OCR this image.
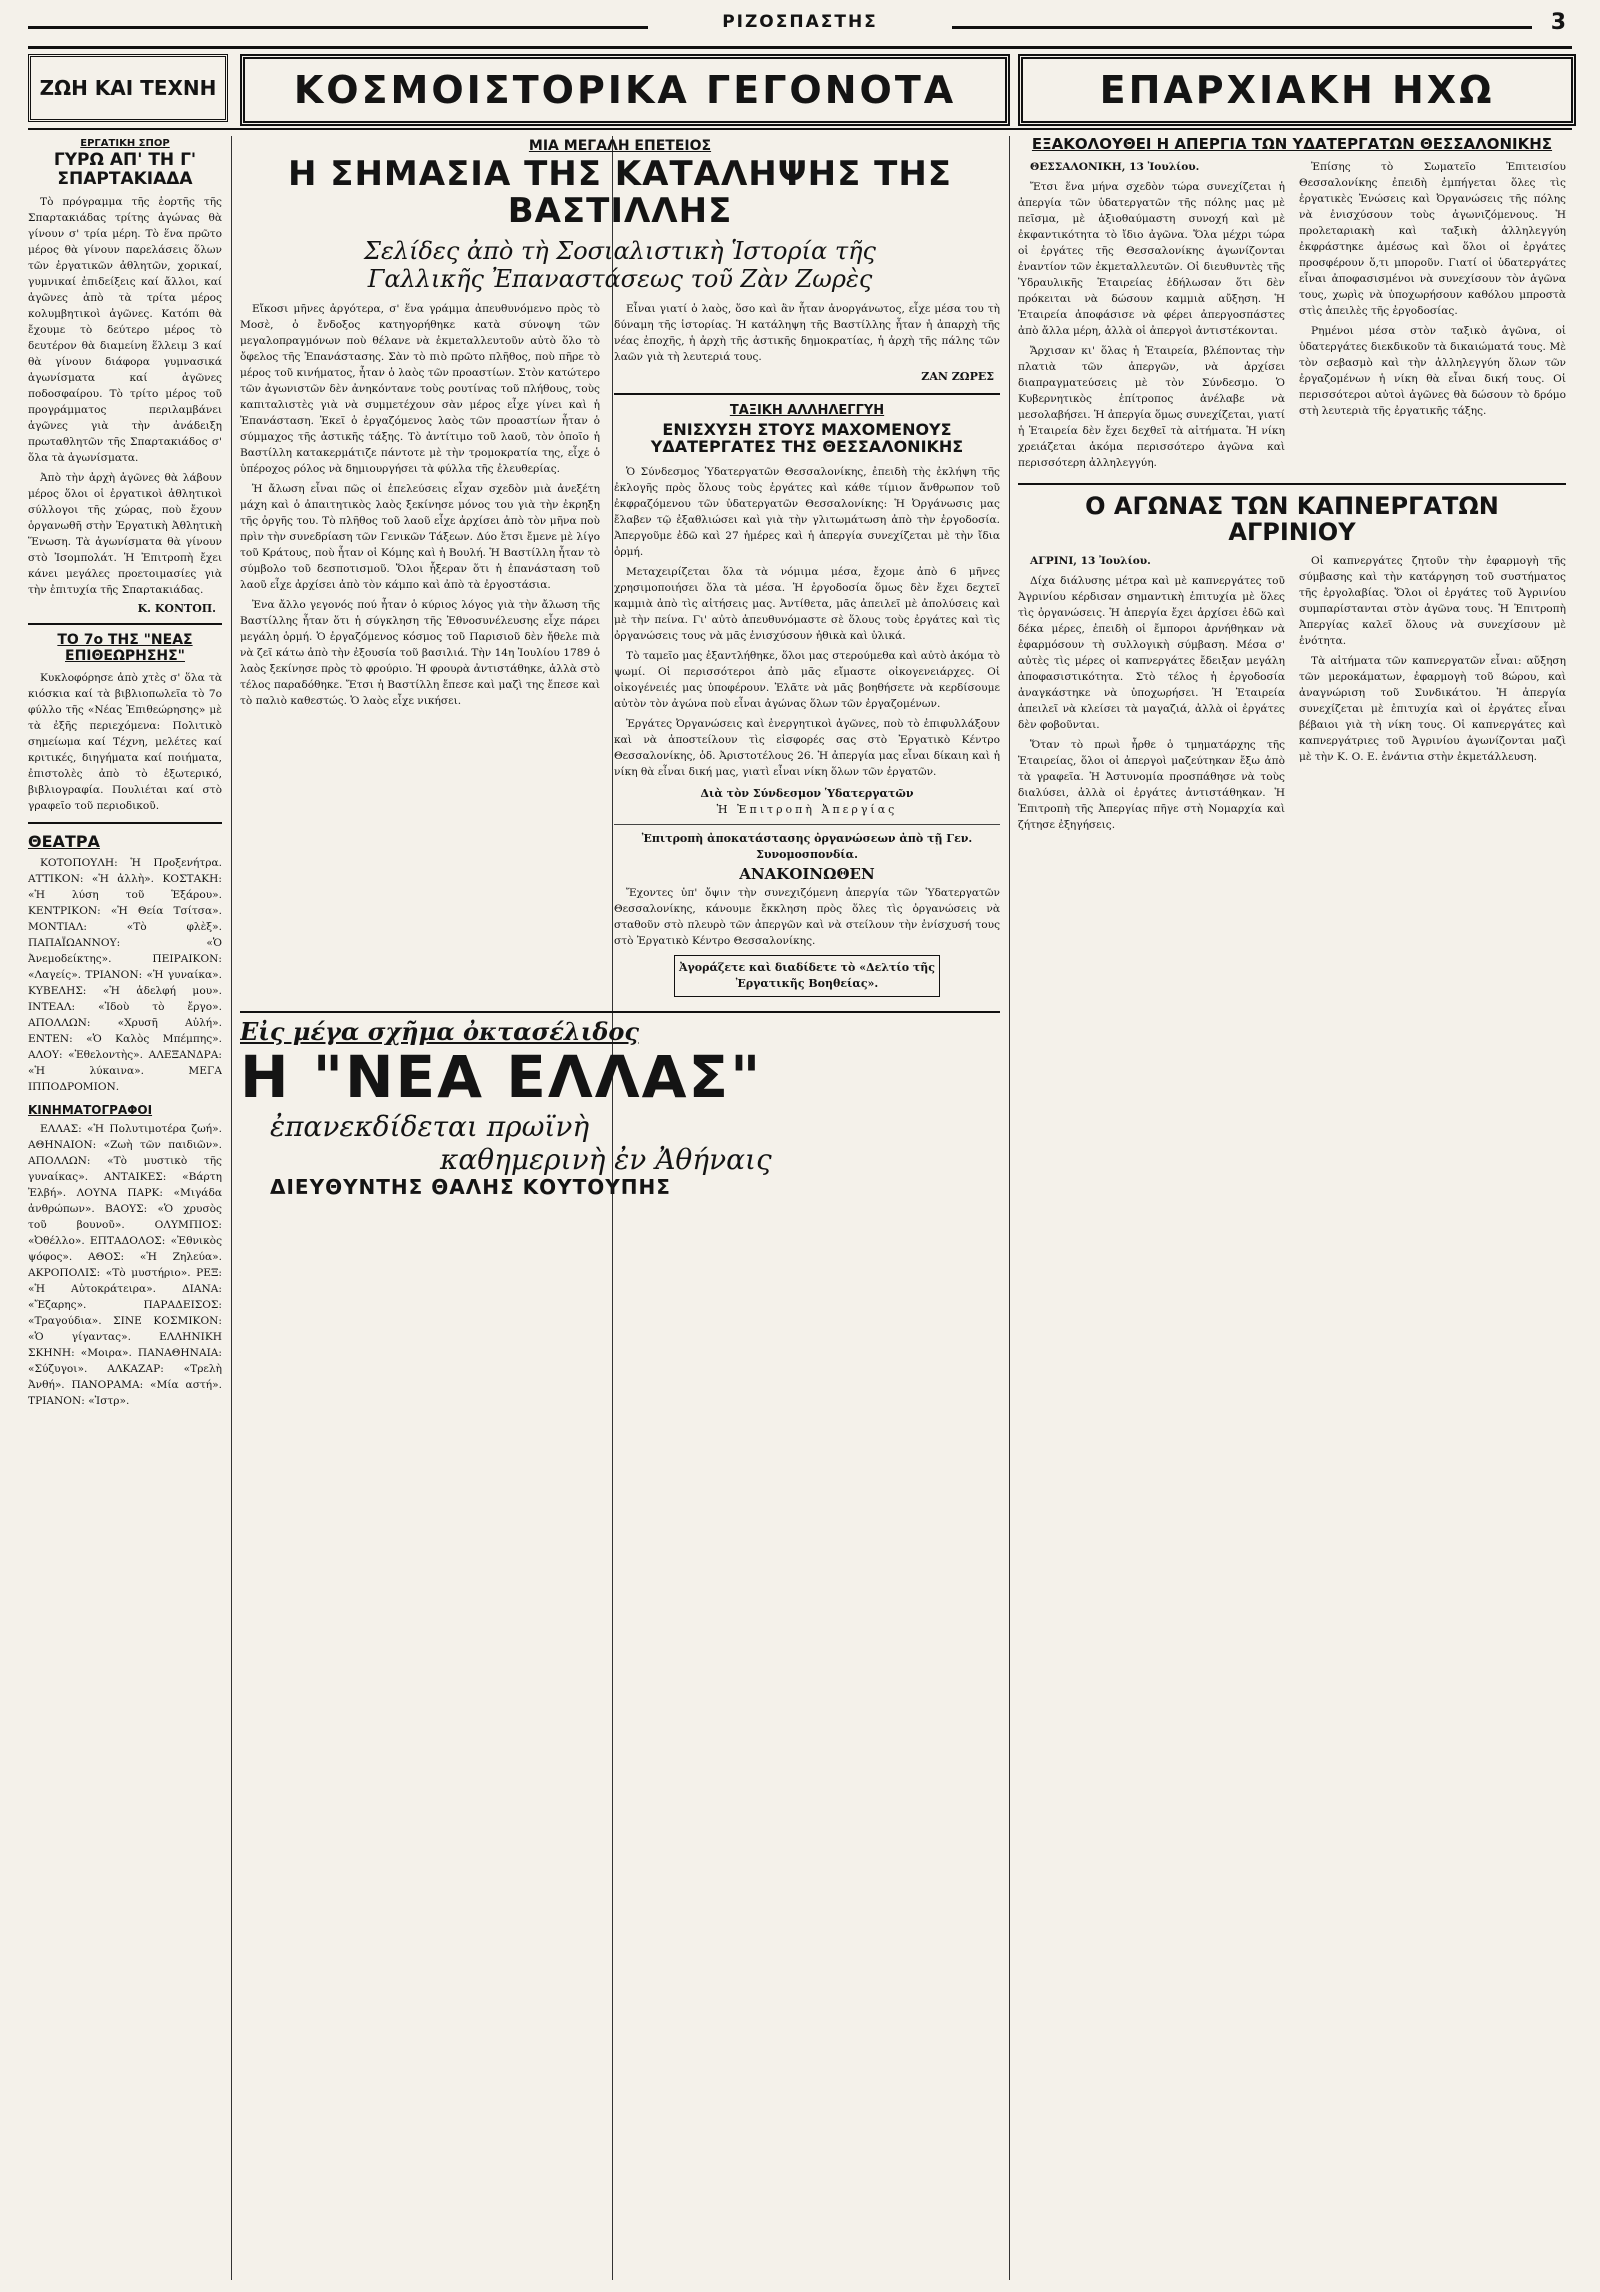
ΡΙΖΟΣΠΑΣΤΗΣ	3
ΖΩΗ ΚΑΙ ΤΕΧΝΗ	ΚΟΣΜΟΙΣΤΟΡΙΚΑ ΓΕΓΟΝΟΤΑ	ΕΠΑΡΧΙΑΚΗ ΗΧΩ
ΕΡΓΑΤΙΚΗ ΣΠΟΡ
ΓΥΡΩ ΑΠ' ΤΗ Γ' ΣΠΑΡΤΑΚΙΑΔΑ

Τὸ πρόγραμμα τῆς ἑορτῆς τῆς Σπαρτακιάδας τρίτης ἀγώνας θὰ γίνουν σ' τρία μέρη. Τὸ ἕνα πρῶτο μέρος θὰ γίνουν παρελάσεις ὅλων τῶν ἐργατικῶν ἀθλητῶν, χορικαί, γυμνικαί ἐπιδείξεις καί ἄλλοι, καί ἀγῶνες ἀπὸ τὰ τρίτα μέρος κολυμβητικοὶ ἀγῶνες. Κατόπι θὰ ἔχουμε τὸ δεύτερο μέρος τὸ δευτέρον θὰ διαμείνη ἕλλειμ 3 καί θὰ γίνουν διάφορα γυμνασικά ἀγωνίσματα καί ἀγῶνες ποδοσφαίρου. Τὸ τρίτο μέρος τοῦ προγράμματος περιλαμβάνει ἀγῶνες γιὰ τὴν ἀνάδειξη πρωταθλητῶν τῆς Σπαρτακιάδος σ' ὅλα τὰ ἀγωνίσματα.

Ἀπὸ τὴν ἀρχὴ ἀγῶνες θὰ λάβουν μέρος ὅλοι οἱ ἐργατικοὶ ἀθλητικοὶ σύλλογοι τῆς χώρας, ποὺ ἔχουν ὁργανωθῆ στὴν Ἐργατικὴ Ἀθλητικὴ Ἕνωση. Τὰ ἀγωνίσματα θὰ γίνουν στὸ Ἰσομπολάτ. Ἡ Ἐπιτροπὴ ἔχει κάνει μεγάλες προετοιμασίες γιὰ τὴν ἐπιτυχία τῆς Σπαρτακιάδας.

Κ. ΚΟΝΤΟΠ.
ΤΟ 7ο ΤΗΣ "ΝΕΑΣ ΕΠΙΘΕΩΡΗΣΗΣ"

Κυκλοφόρησε ἀπὸ χτὲς σ' ὅλα τὰ κιόσκια καί τὰ βιβλιοπωλεῖα τὸ 7ο φύλλο τῆς «Νέας Ἐπιθεώρησης» μὲ τὰ ἐξῆς περιεχόμενα: Πολιτικὸ σημείωμα καί Τέχνη, μελέτες καί κριτικές, διηγήματα καί ποιήματα, ἐπιστολὲς ἀπὸ τὸ ἐξωτερικό, βιβλιογραφία. Πουλιέται καί στὸ γραφεῖο τοῦ περιοδικοῦ.

ΘΕΑΤΡΑ

ΚΟΤΟΠΟΥΛΗ: Ἡ Προξενήτρα. ΑΤΤΙΚΟΝ: «Ἡ ἀλλὴ». ΚΟΣΤΑΚΗ: «Ἡ λύση τοῦ Ἑξάρου». ΚΕΝΤΡΙΚΟΝ: «Ἡ Θεία Τσίτσα». ΜΟΝΤΙΑΛ: «Τὸ φλὲξ». ΠΑΠΑΪΩΑΝΝΟΥ: «Ὁ Ἀνεμοδείκτης». ΠΕΙΡΑΙΚΟΝ: «Λαγείς». ΤΡΙΑΝΟΝ: «Ἡ γυναίκα». ΚΥΒΕΛΗΣ: «Ἡ ἀδελφή μου». ΙΝΤΕΑΛ: «Ἰδοὺ τὸ ἔργο». ΑΠΟΛΛΩΝ: «Χρυσῆ Αὐλή». ΕΝΤΕΝ: «Ὁ Καλὸς Μπέμπης». ΑΛΟΥ: «Ἐθελοντὴς». ΑΛΕΞΑΝΔΡΑ: «Ἡ λύκαινα». ΜΕΓΑ ΙΠΠΟΔΡΟΜΙΟΝ.

ΚΙΝΗΜΑΤΟΓΡΑΦΟΙ

ΕΛΛΑΣ: «Ἡ Πολυτιμοτέρα ζωή». ΑΘΗΝΑΙΟΝ: «Ζωὴ τῶν παιδιῶν». ΑΠΟΛΛΩΝ: «Τὸ μυστικὸ τῆς γυναίκας». ΑΝΤΑΙΚΕΣ: «Βάρτη Ἐλβή». ΛΟΥΝΑ ΠΑΡΚ: «Μιγάδα ἀνθρώπων». ΒΑΟΥΣ: «Ὁ χρυσὸς τοῦ βουνοῦ». ΟΛΥΜΠΙΟΣ: «Ὀθέλλο». ΕΠΤΑΔΟΛΟΣ: «Ἐθνικὸς ψόφος». ΑΘΟΣ: «Ἡ Ζηλεύα». ΑΚΡΟΠΟΛΙΣ: «Τὸ μυστήριο». ΡΕΞ: «Ἡ Αὐτοκράτειρα». ΔΙΑΝΑ: «Ἔζαρης». ΠΑΡΑΔΕΙΣΟΣ: «Τραγούδια». ΣΙΝΕ ΚΟΣΜΙΚΟΝ: «Ὁ γίγαντας». ΕΛΛΗΝΙΚΗ ΣΚΗΝΗ: «Μοιρα». ΠΑΝΑΘΗΝΑΙΑ: «Σύζυγοι». ΑΛΚΑΖΑΡ: «Τρελὴ Ἀνθή». ΠΑΝΟΡΑΜΑ: «Μία αστή». ΤΡΙΑΝΟΝ: «Ἰστρ».

ΜΙΑ ΜΕΓΑΛΗ ΕΠΕΤΕΙΟΣ
Η ΣΗΜΑΣΙΑ ΤΗΣ ΚΑΤΑΛΗΨΗΣ ΤΗΣ ΒΑΣΤΙΛΛΗΣ
Σελίδες ἀπὸ τὴ Σοσιαλιστικὴ Ἱστορία τῆς
Γαλλικῆς Ἐπαναστάσεως τοῦ Ζὰν Ζωρὲς

Εἴκοσι μῆνες ἀργότερα, σ' ἕνα γράμμα ἀπευθυνόμενο πρὸς τὸ Μοσὲ, ὁ ἔνδοξος κατηγορήθηκε κατὰ σύνοψη τῶν μεγαλοπραγμόνων ποὺ θέλανε νὰ ἐκμεταλλευτοῦν αὐτὸ ὅλο τὸ ὄφελος τῆς Ἐπανάστασης. Σὰν τὸ πιὸ πρῶτο πλῆθος, ποὺ πῆρε τὸ μέρος τοῦ κινήματος, ἦταν ὁ λαὸς τῶν προαστίων. Στὸν κατώτερο τῶν ἀγωνιστῶν δὲν ἀνηκόντανε τοὺς ρουτίνας τοῦ πλήθους, τοὺς καπιταλιστὲς γιὰ νὰ συμμετέχουν σὰν μέρος εἶχε γίνει καὶ ἡ Ἐπανάσταση. Ἐκεῖ ὁ ἐργαζόμενος λαὸς τῶν προαστίων ἦταν ὁ σύμμαχος τῆς ἀστικῆς τάξης. Τὸ ἀντίτιμο τοῦ λαοῦ, τὸν ὁποῖο ἡ Βαστίλλη κατακερμάτιζε πάντοτε μὲ τὴν τρομοκρατία της, εἶχε ὁ ὑπέροχος ρόλος νὰ δημιουργήσει τὰ φύλλα τῆς ἐλευθερίας.

Ἡ ἄλωση εἶναι πῶς οἱ ἐπελεύσεις εἶχαν σχεδὸν μιὰ ἀνεξέτη μάχη καὶ ὁ ἀπαιτητικὸς λαὸς ξεκίνησε μόνος του γιὰ τὴν ἐκρηξη τῆς ὀργῆς του. Τὸ πλῆθος τοῦ λαοῦ εἶχε ἀρχίσει ἀπὸ τὸν μῆνα ποὺ πρὶν τὴν συνεδρίαση τῶν Γενικῶν Τάξεων. Δύο ἔτσι ἔμενε μὲ λίγο τοῦ Κράτους, ποὺ ἦταν οἱ Κόμης καὶ ἡ Βουλή. Ἡ Βαστίλλη ἦταν τὸ σύμβολο τοῦ δεσποτισμοῦ. Ὅλοι ἦξεραν ὅτι ἡ ἐπανάσταση τοῦ λαοῦ εἶχε ἀρχίσει ἀπὸ τὸν κάμπο καὶ ἀπὸ τὰ ἐργοστάσια.

Ἐνα ἄλλο γεγονός πού ἦταν ὁ κύριος λόγος γιὰ τὴν ἄλωση τῆς Βαστίλλης ἦταν ὅτι ἡ σύγκληση τῆς Ἐθνοσυνέλευσης εἶχε πάρει μεγάλη ὁρμή. Ὁ ἐργαζόμενος κόσμος τοῦ Παρισιοῦ δὲν ἤθελε πιὰ νὰ ζεῖ κάτω ἀπὸ τὴν ἐξουσία τοῦ βασιλιά. Τὴν 14η Ἰουλίου 1789 ὁ λαὸς ξεκίνησε πρὸς τὸ φρούριο. Ἡ φρουρὰ ἀντιστάθηκε, ἀλλὰ στὸ τέλος παραδόθηκε. Ἔτσι ἡ Βαστίλλη ἔπεσε καὶ μαζὶ της ἔπεσε καὶ τὸ παλιὸ καθεστώς. Ὁ λαὸς εἶχε νικήσει.

Εἶναι γιατί ὁ λαὸς, ὅσο καὶ ἂν ἦταν ἀνοργάνωτος, εἶχε μέσα του τὴ δύναμη τῆς ἱστορίας. Ἡ κατάληψη τῆς Βαστίλλης ἦταν ἡ ἀπαρχὴ τῆς νέας ἐποχῆς, ἡ ἀρχὴ τῆς ἀστικῆς δημοκρατίας, ἡ ἀρχὴ τῆς πάλης τῶν λαῶν γιὰ τὴ λευτεριά τους.

ΖΑΝ ΖΩΡΕΣ
ΤΑΞΙΚΗ ΑΛΛΗΛΕΓΓΥΗ
ΕΝΙΣΧΥΣΗ ΣΤΟΥΣ ΜΑΧΟΜΕΝΟΥΣ ΥΔΑΤΕΡΓΑΤΕΣ ΤΗΣ ΘΕΣΣΑΛΟΝΙΚΗΣ

Ὁ Σύνδεσμος Ὑδατεργατῶν Θεσσαλονίκης, ἐπειδὴ τὴς ἐκλήψη τῆς ἐκλογῆς πρὸς ὅλους τοὺς ἐργάτες καὶ κάθε τίμιον ἄνθρωπον τοῦ ἐκφραζόμενου τῶν ὑδατεργατῶν Θεσσαλονίκης: Ἡ Ὀργάνωσις μας ἔλαβεν τῷ ἐξαθλιώσει καὶ γιὰ τὴν γλιτωμάτωση ἀπὸ τὴν ἐργοδοσία. Ἀπεργοῦμε ἐδῶ καὶ 27 ἡμέρες καὶ ἡ ἀπεργία συνεχίζεται μὲ τὴν ἴδια ὁρμή.

Μεταχειρίζεται ὅλα τὰ νόμιμα μέσα, ἔχομε ἀπὸ 6 μῆνες χρησιμοποιήσει ὅλα τὰ μέσα. Ἡ ἐργοδοσία ὅμως δὲν ἔχει δεχτεῖ καμμιὰ ἀπὸ τὶς αἰτήσεις μας. Ἀντίθετα, μᾶς ἀπειλεῖ μὲ ἀπολύσεις καὶ μὲ τὴν πείνα. Γι' αὐτὸ ἀπευθυνόμαστε σὲ ὅλους τοὺς ἐργάτες καὶ τὶς ὀργανώσεις τους νὰ μᾶς ἐνισχύσουν ἠθικὰ καὶ ὑλικά.

Τὸ ταμεῖο μας ἐξαντλήθηκε, ὅλοι μας στερούμεθα καὶ αὐτὸ ἀκόμα τὸ ψωμί. Οἱ περισσότεροι ἀπὸ μᾶς εἴμαστε οἰκογενειάρχες. Οἱ οἰκογένειές μας ὑποφέρουν. Ἐλᾶτε νὰ μᾶς βοηθήσετε νὰ κερδίσουμε αὐτὸν τὸν ἀγώνα ποὺ εἶναι ἀγώνας ὅλων τῶν ἐργαζομένων.

Ἐργάτες Ὀργανώσεις καὶ ἐνεργητικοὶ ἀγῶνες, ποὺ τὸ ἐπιφυλλάξουν καὶ νὰ ἀποστείλουν τὶς εἰσφορές σας στὸ Ἐργατικὸ Κέντρο Θεσσαλονίκης, ὁδ. Ἀριστοτέλους 26. Ἡ ἀπεργία μας εἶναι δίκαιη καὶ ἡ νίκη θὰ εἶναι δική μας, γιατὶ εἶναι νίκη ὅλων τῶν ἐργατῶν.

Διὰ τὸν Σύνδεσμον Ὑδατεργατῶν
Ἡ Ἐπιτροπὴ Ἀπεργίας
Ἐπιτροπὴ ἀποκατάστασης ὀργανώσεων ἀπὸ τῇ Γεν. Συνομοσπονδία.
ΑΝΑΚΟΙΝΩΘΕΝ

Ἔχοντες ὑπ' ὄψιν τὴν συνεχιζόμενη ἀπεργία τῶν Ὑδατεργατῶν Θεσσαλονίκης, κάνουμε ἔκκληση πρὸς ὅλες τὶς ὀργανώσεις νὰ σταθοῦν στὸ πλευρὸ τῶν ἀπεργῶν καὶ νὰ στείλουν τὴν ἐνίσχυσή τους στὸ Ἐργατικὸ Κέντρο Θεσσαλονίκης.

Ἀγοράζετε καὶ διαδίδετε τὸ «Δελτίο τῆς Ἐργατικῆς Βοηθείας».
Εἰς μέγα σχῆμα ὀκτασέλιδος
Η "ΝΕΑ ΕΛΛΑΣ"
ἐπανεκδίδεται πρωϊνὴ
καθημερινὴ ἐν Ἀθήναις
ΔΙΕΥΘΥΝΤΗΣ ΘΑΛΗΣ ΚΟΥΤΟΥΠΗΣ
ΕΞΑΚΟΛΟΥΘΕΙ Η ΑΠΕΡΓΙΑ ΤΩΝ ΥΔΑΤΕΡΓΑΤΩΝ ΘΕΣΣΑΛΟΝΙΚΗΣ

ΘΕΣΣΑΛΟΝΙΚΗ, 13 Ἰουλίου.

Ἔτσι ἕνα μήνα σχεδὸν τώρα συνεχίζεται ἡ ἀπεργία τῶν ὑδατεργατῶν τῆς πόλης μας μὲ πεῖσμα, μὲ ἀξιοθαύμαστη συνοχή καὶ μὲ ἐκφαντικότητα τὸ ἴδιο ἀγῶνα. Ὅλα μέχρι τώρα οἱ ἐργάτες τῆς Θεσσαλονίκης ἀγωνίζονται ἐναντίον τῶν ἐκμεταλλευτῶν. Οἱ διευθυντὲς τῆς Ὑδραυλικῆς Ἑταιρείας ἐδήλωσαν ὅτι δὲν πρόκειται νὰ δώσουν καμμιὰ αὔξηση. Ἡ Ἐταιρεία ἀποφάσισε νὰ φέρει ἀπεργοσπάστες ἀπὸ ἄλλα μέρη, ἀλλὰ οἱ ἀπεργοὶ ἀντιστέκονται.

Ἄρχισαν κι' ὅλας ἡ Ἑταιρεία, βλέποντας τὴν πλατιὰ τῶν ἀπεργῶν, νὰ ἀρχίσει διαπραγματεύσεις μὲ τὸν Σύνδεσμο. Ὁ Κυβερνητικὸς ἐπίτροπος ἀνέλαβε νὰ μεσολαβήσει. Ἡ ἀπεργία ὅμως συνεχίζεται, γιατί ἡ Ἑταιρεία δὲν ἔχει δεχθεῖ τὰ αἰτήματα. Ἡ νίκη χρειάζεται ἀκόμα περισσότερο ἀγῶνα καὶ περισσότερη ἀλληλεγγύη.

Ἐπίσης τὸ Σωματεῖο Ἐπιτεισίου Θεσσαλονίκης ἐπειδὴ ἐμπήγεται ὅλες τὶς ἐργατικὲς Ἑνώσεις καὶ Ὀργανώσεις τῆς πόλης νὰ ἐνισχύσουν τοὺς ἀγωνιζόμενους. Ἡ προλεταριακὴ καὶ ταξικὴ ἀλληλεγγύη ἐκφράστηκε ἀμέσως καὶ ὅλοι οἱ ἐργάτες προσφέρουν ὅ,τι μποροῦν. Γιατί οἱ ὑδατεργάτες εἶναι ἀποφασισμένοι νὰ συνεχίσουν τὸν ἀγῶνα τους, χωρὶς νὰ ὑποχωρήσουν καθόλου μπροστὰ στὶς ἀπειλὲς τῆς ἐργοδοσίας.

Ρημένοι μέσα στὸν ταξικὸ ἀγῶνα, οἱ ὑδατεργάτες διεκδικοῦν τὰ δικαιώματά τους. Μὲ τὸν σεβασμὸ καὶ τὴν ἀλληλεγγύη ὅλων τῶν ἐργαζομένων ἡ νίκη θὰ εἶναι δική τους. Οἱ περισσότεροι αὐτοὶ ἀγῶνες θὰ δώσουν τὸ δρόμο στὴ λευτεριὰ τῆς ἐργατικῆς τάξης.

Ο ΑΓΩΝΑΣ ΤΩΝ ΚΑΠΝΕΡΓΑΤΩΝ ΑΓΡΙΝΙΟΥ

ΑΓΡΙΝΙ, 13 Ἰουλίου.

Δίχα διάλυσης μέτρα καὶ μὲ καπνεργάτες τοῦ Ἀγρινίου κέρδισαν σημαντικὴ ἐπιτυχία μὲ ὅλες τὶς ὀργανώσεις. Ἡ ἀπεργία ἔχει ἀρχίσει ἐδῶ καὶ δέκα μέρες, ἐπειδὴ οἱ ἔμποροι ἀρνήθηκαν νὰ ἐφαρμόσουν τὴ συλλογικὴ σύμβαση. Μέσα σ' αὐτὲς τὶς μέρες οἱ καπνεργάτες ἔδειξαν μεγάλη ἀποφασιστικότητα. Στὸ τέλος ἡ ἐργοδοσία ἀναγκάστηκε νὰ ὑποχωρήσει. Ἡ Ἑταιρεία ἀπειλεῖ νὰ κλείσει τὰ μαγαζιά, ἀλλὰ οἱ ἐργάτες δὲν φοβοῦνται.

Ὅταν τὸ πρωὶ ἦρθε ὁ τμηματάρχης τῆς Ἑταιρείας, ὅλοι οἱ ἀπεργοὶ μαζεύτηκαν ἔξω ἀπὸ τὰ γραφεῖα. Ἡ Ἀστυνομία προσπάθησε νὰ τοὺς διαλύσει, ἀλλὰ οἱ ἐργάτες ἀντιστάθηκαν. Ἡ Ἐπιτροπὴ τῆς Ἀπεργίας πῆγε στὴ Νομαρχία καὶ ζήτησε ἐξηγήσεις.

Οἱ καπνεργάτες ζητοῦν τὴν ἐφαρμογὴ τῆς σύμβασης καὶ τὴν κατάργηση τοῦ συστήματος τῆς ἐργολαβίας. Ὅλοι οἱ ἐργάτες τοῦ Ἀγρινίου συμπαρίστανται στὸν ἀγῶνα τους. Ἡ Ἐπιτροπὴ Ἀπεργίας καλεῖ ὅλους νὰ συνεχίσουν μὲ ἑνότητα.

Τὰ αἰτήματα τῶν καπνεργατῶν εἶναι: αὔξηση τῶν μεροκάματων, ἐφαρμογὴ τοῦ 8ώρου, καὶ ἀναγνώριση τοῦ Συνδικάτου. Ἡ ἀπεργία συνεχίζεται μὲ ἐπιτυχία καὶ οἱ ἐργάτες εἶναι βέβαιοι γιὰ τὴ νίκη τους. Οἱ καπνεργάτες καὶ καπνεργάτριες τοῦ Ἀγρινίου ἀγωνίζονται μαζὶ μὲ τὴν Κ. Ο. Ε. ἐνάντια στὴν ἐκμετάλλευση.
